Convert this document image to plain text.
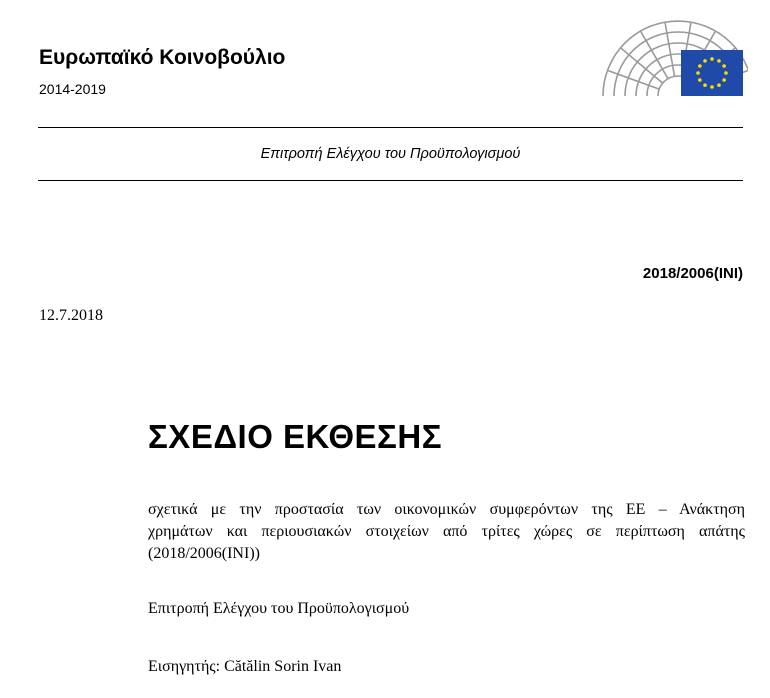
Ευρωπαϊκό Κοινοβούλιο
2014-2019
Επιτροπή Ελέγχου του Προϋπολογισμού
2018/2006(INI)
12.7.2018
ΣΧΕΔΙΟ ΕΚΘΕΣΗΣ
σχετικά με την προστασία των οικονομικών συμφερόντων της ΕΕ – Ανάκτηση
χρημάτων και περιουσιακών στοιχείων από τρίτες χώρες σε περίπτωση απάτης
(2018/2006(INI))
Επιτροπή Ελέγχου του Προϋπολογισμού
Εισηγητής: Cătălin Sorin Ivan
